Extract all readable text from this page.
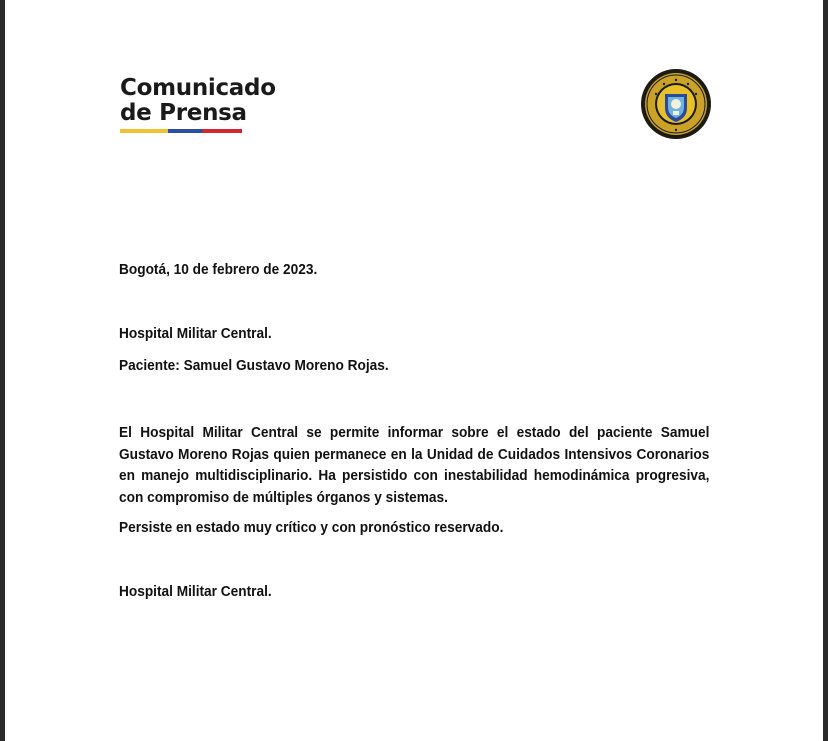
Comunicado
de Prensa
Bogotá, 10 de febrero de 2023.
Hospital Militar Central.
Paciente: Samuel Gustavo Moreno Rojas.
El Hospital Militar Central se permite informar sobre el estado del paciente Samuel Gustavo Moreno Rojas quien permanece en la Unidad de Cuidados Intensivos Coronarios en manejo multidisciplinario. Ha persistido con inestabilidad hemodinámica progresiva, con compromiso de múltiples órganos y sistemas.
Persiste en estado muy crítico y con pronóstico reservado.
Hospital Militar Central.
